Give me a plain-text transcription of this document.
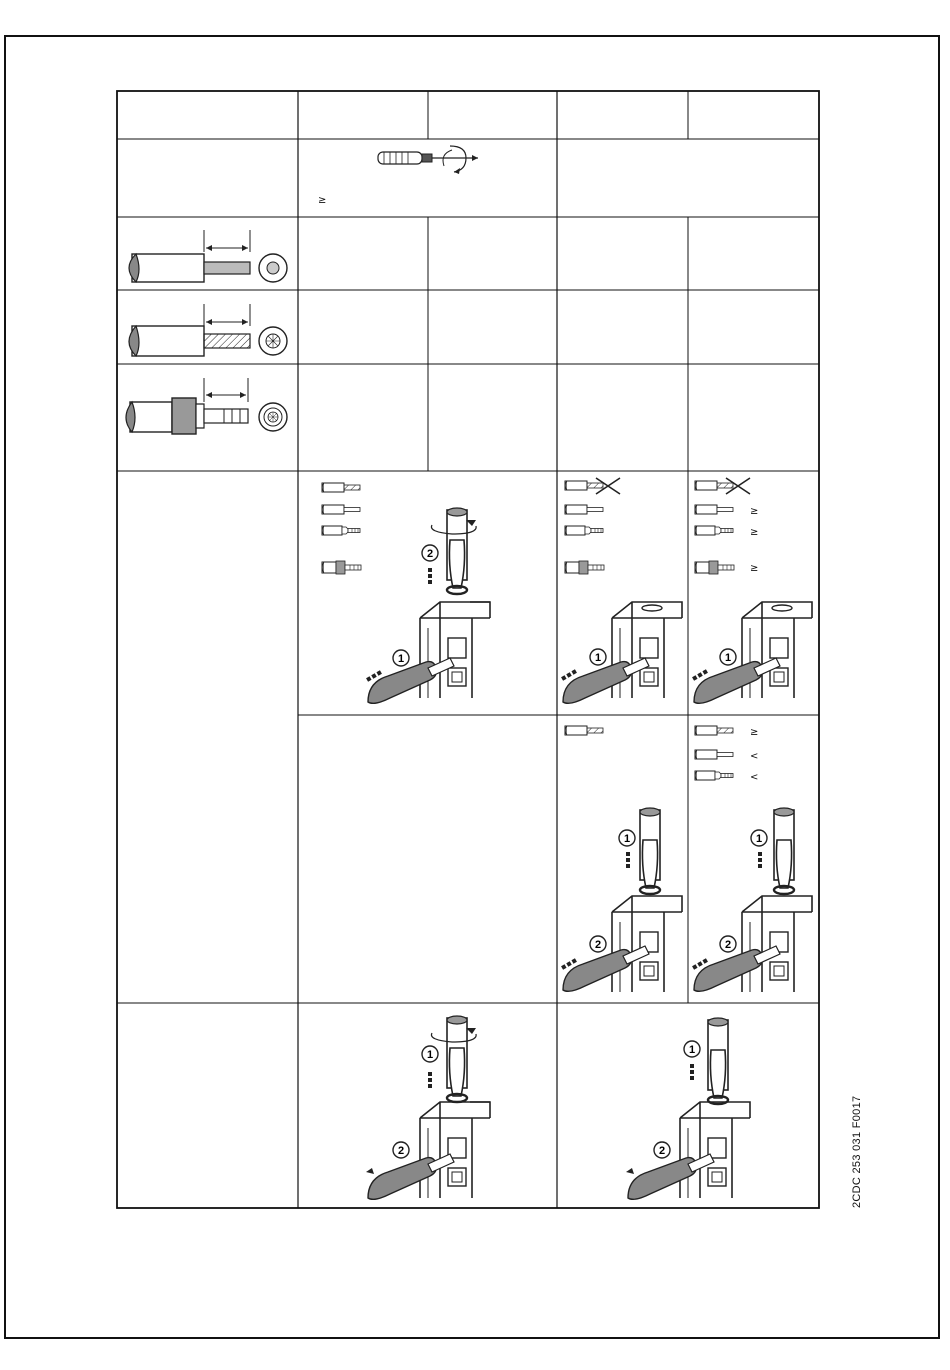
≥
2
1	1
≥
≥
≥
1
1
2
≥
<
<
1
2
1
2
1
2	2CDC 253 031 F0017
